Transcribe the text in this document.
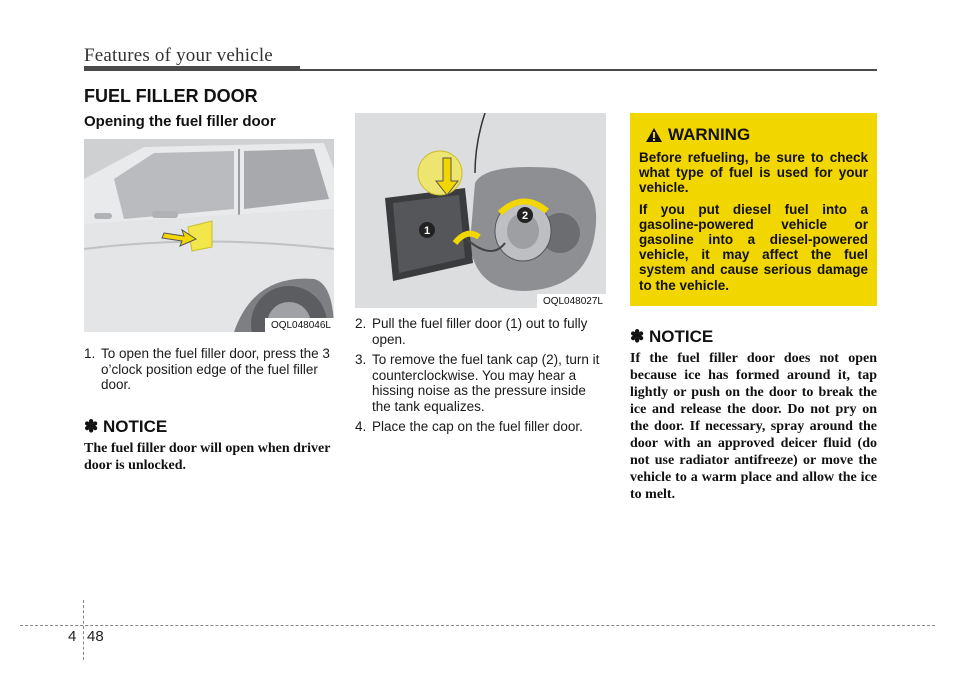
Features of your vehicle
FUEL FILLER DOOR
Opening the fuel filler door
OQL048046L
1. To open the fuel filler door, press the 3 o’clock position edge of the fuel filler door.
✽ NOTICE
The fuel filler door will open when driver door is unlocked.
1
2
OQL048027L
2. Pull the fuel filler door (1) out to fully open.
3. To remove the fuel tank cap (2), turn it counterclockwise. You may hear a hissing noise as the pressure inside the tank equalizes.
4. Place the cap on the fuel filler door.
WARNING

Before refueling, be sure to check what type of fuel is used for your vehicle.

If you put diesel fuel into a gasoline-powered vehicle or gasoline into a diesel-powered vehicle, it may affect the fuel system and cause serious damage to the vehicle.

✽ NOTICE
If the fuel filler door does not open because ice has formed around it, tap lightly or push on the door to break the ice and release the door. Do not pry on the door. If necessary, spray around the door with an approved deicer fluid (do not use radiator antifreeze) or move the vehicle to a warm place and allow the ice to melt.
4 48
